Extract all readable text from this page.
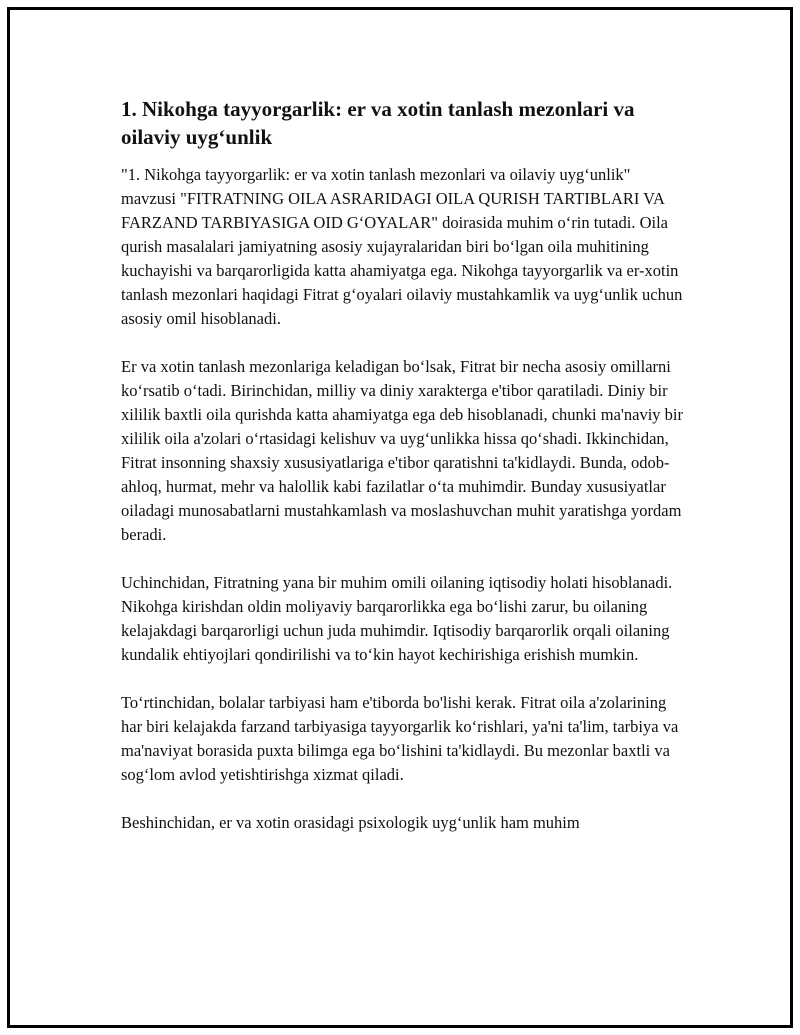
1. Nikohga tayyorgarlik: er va xotin tanlash mezonlari va oilaviy uyg‘unlik

"1. Nikohga tayyorgarlik: er va xotin tanlash mezonlari va oilaviy uyg‘unlik" mavzusi "FITRATNING OILA ASRARIDAGI OILA QURISH TARTIBLARI VA FARZAND TARBIYASIGA OID G‘OYALAR" doirasida muhim o‘rin tutadi. Oila qurish masalalari jamiyatning asosiy xujayralaridan biri bo‘lgan oila muhitining kuchayishi va barqarorligida katta ahamiyatga ega. Nikohga tayyorgarlik va er-xotin tanlash mezonlari haqidagi Fitrat g‘oyalari oilaviy mustahkamlik va uyg‘unlik uchun asosiy omil hisoblanadi.

Er va xotin tanlash mezonlariga keladigan bo‘lsak, Fitrat bir necha asosiy omillarni ko‘rsatib o‘tadi. Birinchidan, milliy va diniy xarakterga e'tibor qaratiladi. Diniy bir xililik baxtli oila qurishda katta ahamiyatga ega deb hisoblanadi, chunki ma'naviy bir xililik oila a'zolari o‘rtasidagi kelishuv va uyg‘unlikka hissa qo‘shadi. Ikkinchidan, Fitrat insonning shaxsiy xususiyatlariga e'tibor qaratishni ta'kidlaydi. Bunda, odob-ahloq, hurmat, mehr va halollik kabi fazilatlar o‘ta muhimdir. Bunday xususiyatlar oiladagi munosabatlarni mustahkamlash va moslashuvchan muhit yaratishga yordam beradi.

Uchinchidan, Fitratning yana bir muhim omili oilaning iqtisodiy holati hisoblanadi. Nikohga kirishdan oldin moliyaviy barqarorlikka ega bo‘lishi zarur, bu oilaning kelajakdagi barqarorligi uchun juda muhimdir. Iqtisodiy barqarorlik orqali oilaning kundalik ehtiyojlari qondirilishi va to‘kin hayot kechirishiga erishish mumkin.

To‘rtinchidan, bolalar tarbiyasi ham e'tiborda bo'lishi kerak. Fitrat oila a'zolarining har biri kelajakda farzand tarbiyasiga tayyorgarlik ko‘rishlari, ya'ni ta'lim, tarbiya va ma'naviyat borasida puxta bilimga ega bo‘lishini ta'kidlaydi. Bu mezonlar baxtli va sog‘lom avlod yetishtirishga xizmat qiladi.

Beshinchidan, er va xotin orasidagi psixologik uyg‘unlik ham muhim
